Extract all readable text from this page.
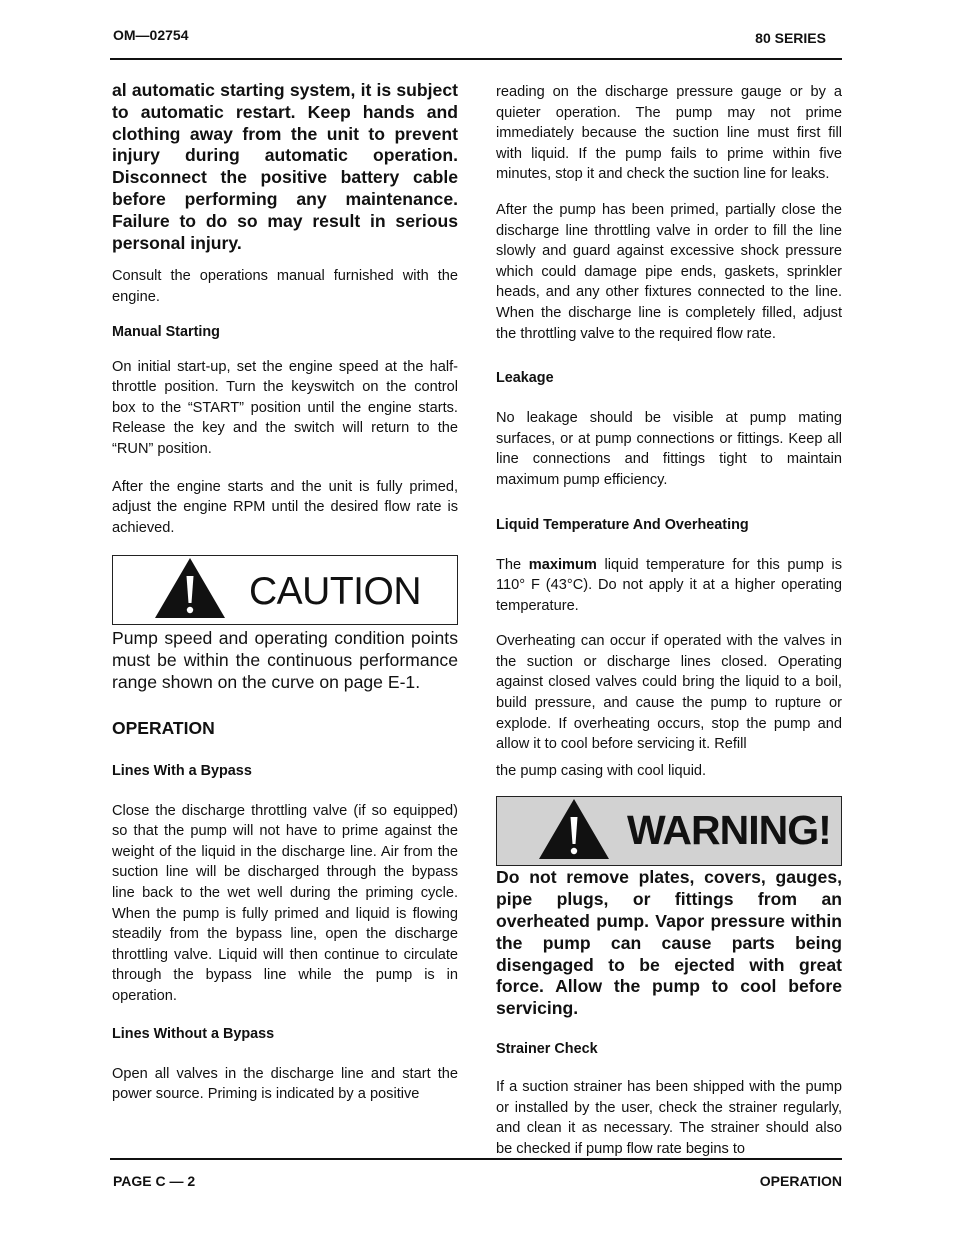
OM—02754	80 SERIES

al automatic starting system, it is subject to automatic restart. Keep hands and clothing away from the unit to prevent injury during automatic operation. Disconnect the positive battery cable before performing any maintenance. Failure to do so may result in serious personal injury.

Consult the operations manual furnished with the engine.

Manual Starting

On initial start-up, set the engine speed at the half-throttle position. Turn the keyswitch on the control box to the “START” position until the engine starts. Release the key and the switch will return to the “RUN” position.

After the engine starts and the unit is fully primed, adjust the engine RPM until the desired flow rate is achieved.

CAUTION

Pump speed and operating condition points must be within the continuous performance range shown on the curve on page E-1.

OPERATION
Lines With a Bypass

Close the discharge throttling valve (if so equipped) so that the pump will not have to prime against the weight of the liquid in the discharge line. Air from the suction line will be discharged through the bypass line back to the wet well during the priming cycle. When the pump is fully primed and liquid is flowing steadily from the bypass line, open the discharge throttling valve. Liquid will then continue to circulate through the bypass line while the pump is in operation.

Lines Without a Bypass

Open all valves in the discharge line and start the power source. Priming is indicated by a positive

reading on the discharge pressure gauge or by a quieter operation. The pump may not prime immediately because the suction line must first fill with liquid. If the pump fails to prime within five minutes, stop it and check the suction line for leaks.

After the pump has been primed, partially close the discharge line throttling valve in order to fill the line slowly and guard against excessive shock pressure which could damage pipe ends, gaskets, sprinkler heads, and any other fixtures connected to the line. When the discharge line is completely filled, adjust the throttling valve to the required flow rate.

Leakage

No leakage should be visible at pump mating surfaces, or at pump connections or fittings. Keep all line connections and fittings tight to maintain maximum pump efficiency.

Liquid Temperature And Overheating

The maximum liquid temperature for this pump is 110° F (43°C). Do not apply it at a higher operating temperature.

Overheating can occur if operated with the valves in the suction or discharge lines closed. Operating against closed valves could bring the liquid to a boil, build pressure, and cause the pump to rupture or explode. If overheating occurs, stop the pump and allow it to cool before servicing it. Refill

the pump casing with cool liquid.

WARNING!

Do not remove plates, covers, gauges, pipe plugs, or fittings from an overheated pump. Vapor pressure within the pump can cause parts being disengaged to be ejected with great force. Allow the pump to cool before servicing.

Strainer Check

If a suction strainer has been shipped with the pump or installed by the user, check the strainer regularly, and clean it as necessary. The strainer should also be checked if pump flow rate begins to

PAGE C — 2	OPERATION
